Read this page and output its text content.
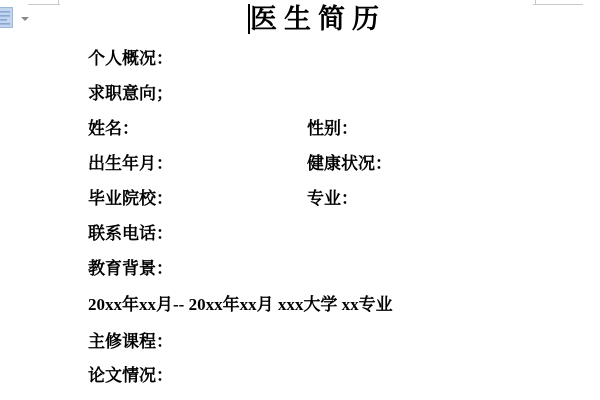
医生简历
个人概况：
求职意向；
姓名：	性别：
出生年月：	健康状况：
毕业院校：	专业：
联系电话：
教育背景：
20xx年xx月-- 20xx年xx月 xxx大学 xx专业
主修课程：
论文情况：
